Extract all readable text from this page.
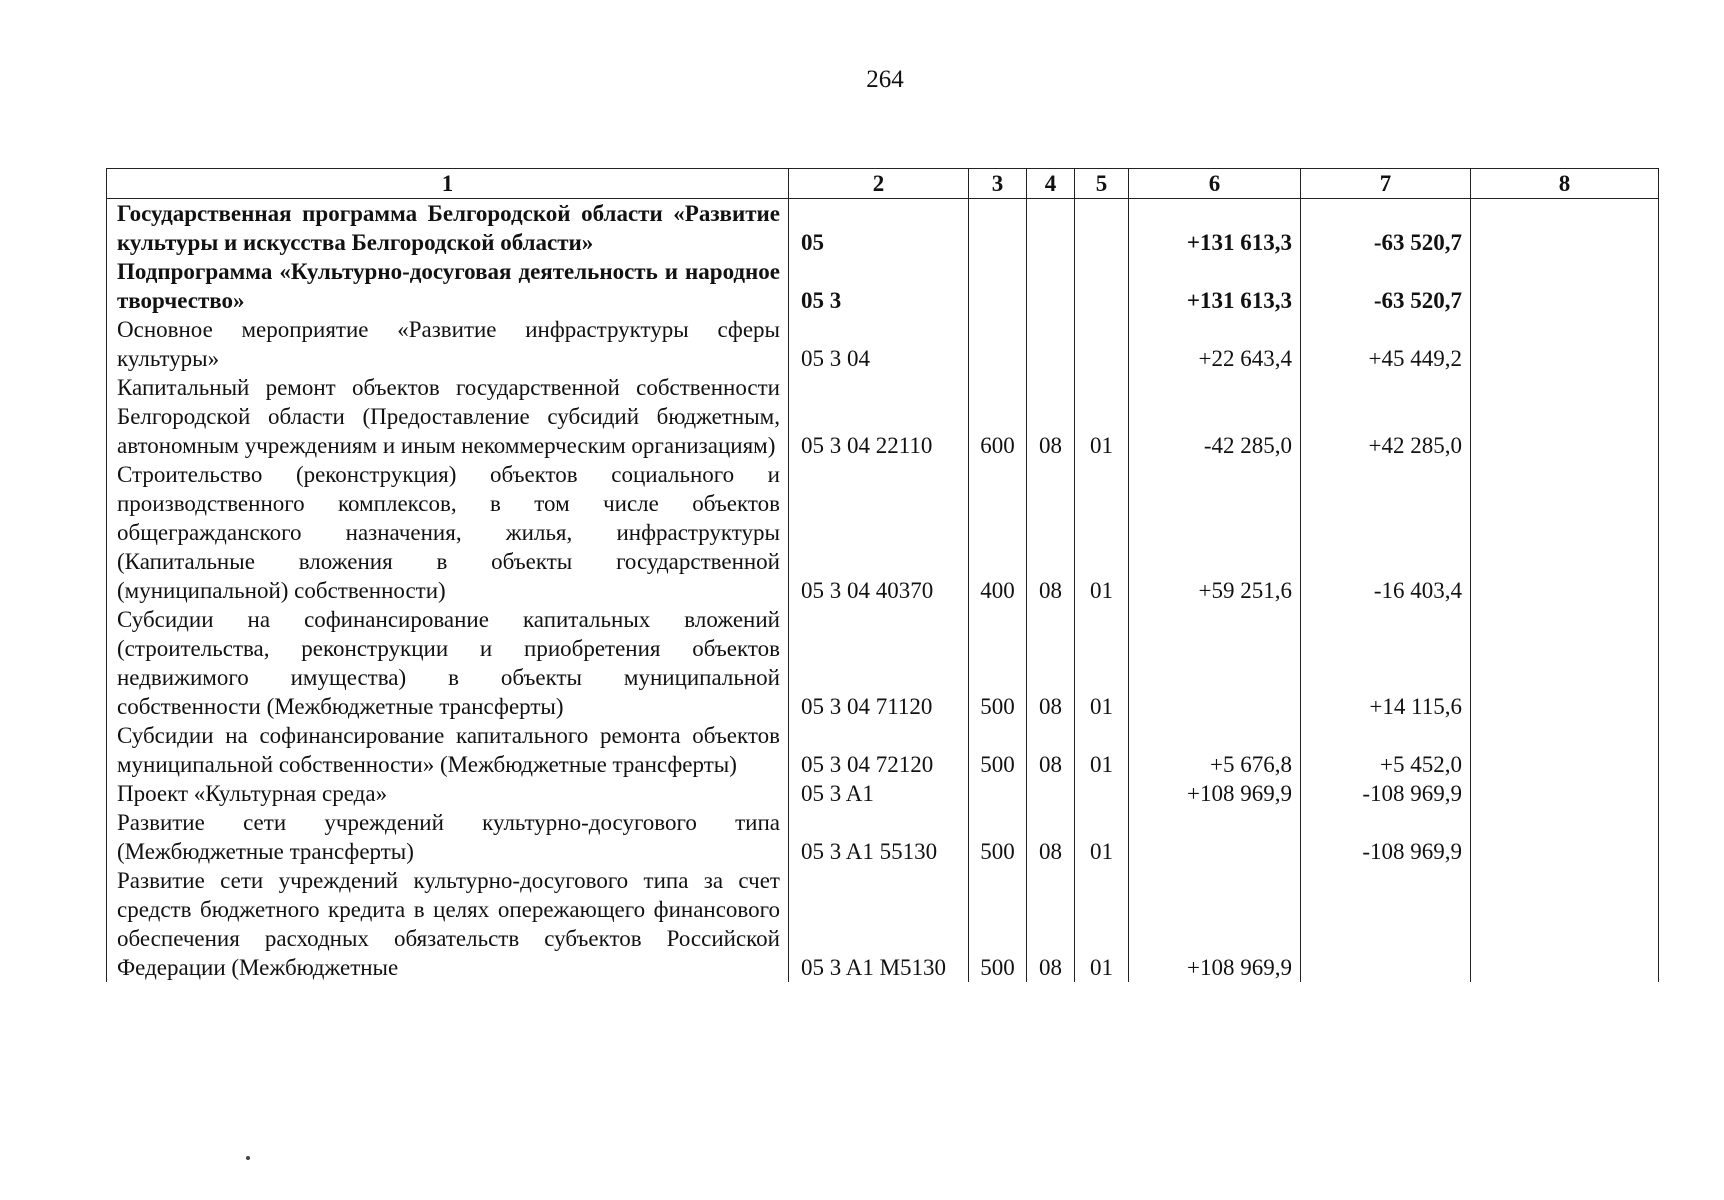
264
1	2	3	4	5	6	7	8
Государственная программа Белгородской области «Развитие культуры и искусства Белгородской области»	05				+131 613,3	-63 520,7	
Подпрограмма «Культурно-досуговая деятельность и народное творчество»	05 3				+131 613,3	-63 520,7	
Основное мероприятие «Развитие инфраструктуры сферы культуры»	05 3 04				+22 643,4	+45 449,2	
Капитальный ремонт объектов государственной собственности Белгородской области (Предоставление субсидий бюджетным, автономным учреждениям и иным некоммерческим организациям)	05 3 04 22110	600	08	01	-42 285,0	+42 285,0	
Строительство (реконструкция) объектов социального и производственного комплексов, в том числе объектов общегражданского назначения, жилья, инфраструктуры (Капитальные вложения в объекты государственной (муниципальной) собственности)	05 3 04 40370	400	08	01	+59 251,6	-16 403,4	
Субсидии на софинансирование капитальных вложений (строительства, реконструкции и приобретения объектов недвижимого имущества) в объекты муниципальной собственности (Межбюджетные трансферты)	05 3 04 71120	500	08	01		+14 115,6	
Субсидии на софинансирование капитального ремонта объектов муниципальной собственности» (Межбюджетные трансферты)	05 3 04 72120	500	08	01	+5 676,8	+5 452,0	
Проект «Культурная среда»	05 3 A1				+108 969,9	-108 969,9	
Развитие сети учреждений культурно-досугового типа (Межбюджетные трансферты)	05 3 A1 55130	500	08	01		-108 969,9	
Развитие сети учреждений культурно-досугового типа за счет средств бюджетного кредита в целях опережающего финансового обеспечения расходных обязательств субъектов Российской Федерации (Межбюджетные	05 3 A1 M5130	500	08	01	+108 969,9		
